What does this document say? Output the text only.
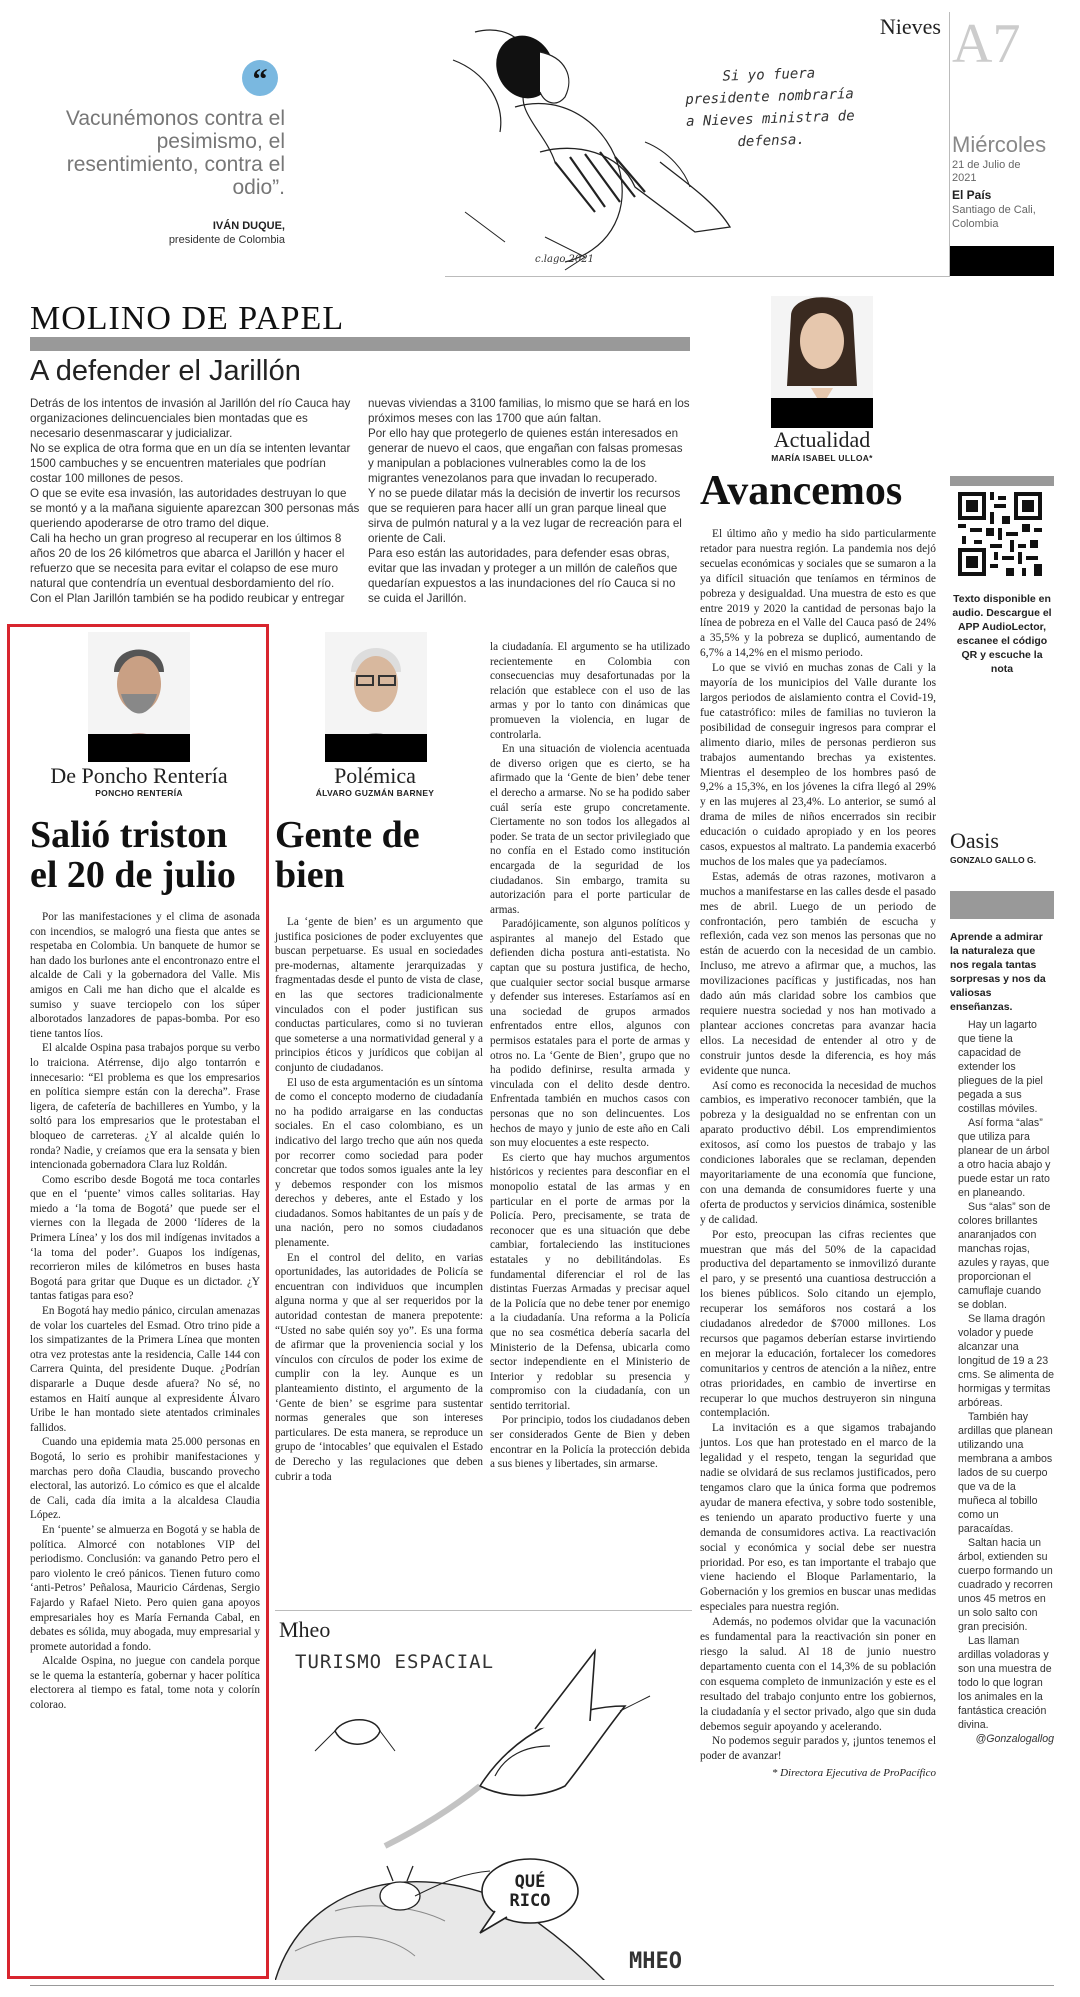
“
Vacunémonos contra el pesimismo, el resentimiento, contra el odio”.
IVÁN DUQUE,
presidente de Colombia
Nieves
Si yo fuera presidente nombraría a Nieves ministra de defensa.
c.lago 2021
A7
Miércoles
21 de Julio de 2021
El País
Santiago de Cali, Colombia
MOLINO DE PAPEL
A defender el Jarillón
Detrás de los intentos de invasión al Jarillón del río Cauca hay organizaciones delincuenciales bien montadas que es necesario desenmascarar y judicializar.
No se explica de otra forma que en un día se intenten levantar 1500 cambuches y se encuentren materiales que podrían costar 100 millones de pesos.
O que se evite esa invasión, las autoridades destruyan lo que se montó y a la mañana siguiente aparezcan 300 personas más queriendo apoderarse de otro tramo del dique.
Cali ha hecho un gran progreso al recuperar en los últimos 8 años 20 de los 26 kilómetros que abarca el Jarillón y hacer el refuerzo que se necesita para evitar el colapso de ese muro natural que contendría un eventual desbordamiento del río.
Con el Plan Jarillón también se ha podido reubicar y entregar
nuevas viviendas a 3100 familias, lo mismo que se hará en los próximos meses con las 1700 que aún faltan.
Por ello hay que protegerlo de quienes están interesados en generar de nuevo el caos, que engañan con falsas promesas y manipulan a poblaciones vulnerables como la de los migrantes venezolanos para que invadan lo recuperado.
Y no se puede dilatar más la decisión de invertir los recursos que se requieren para hacer allí un gran parque lineal que sirva de pulmón natural y a la vez lugar de recreación para el oriente de Cali.
Para eso están las autoridades, para defender esas obras, evitar que las invadan y proteger a un millón de caleños que quedarían expuestos a las inundaciones del río Cauca si no se cuida el Jarillón.
Actualidad
MARÍA ISABEL ULLOA*
Avancemos

El último año y medio ha sido particularmente retador para nuestra región. La pandemia nos dejó secuelas económicas y sociales que se sumaron a la ya difícil situación que teníamos en términos de pobreza y desigualdad. Una muestra de esto es que entre 2019 y 2020 la cantidad de personas bajo la línea de pobreza en el Valle del Cauca pasó de 24% a 35,5% y la pobreza se duplicó, aumentando de 6,7% a 14,2% en el mismo periodo.

Lo que se vivió en muchas zonas de Cali y la mayoría de los municipios del Valle durante los largos periodos de aislamiento contra el Covid-19, fue catastrófico: miles de familias no tuvieron la posibilidad de conseguir ingresos para comprar el alimento diario, miles de personas perdieron sus trabajos aumentando brechas ya existentes. Mientras el desempleo de los hombres pasó de 9,2% a 15,3%, en los jóvenes la cifra llegó al 29% y en las mujeres al 23,4%. Lo anterior, se sumó al drama de miles de niños encerrados sin recibir educación o cuidado apropiado y en los peores casos, expuestos al maltrato. La pandemia exacerbó muchos de los males que ya padecíamos.

Estas, además de otras razones, motivaron a muchos a manifestarse en las calles desde el pasado mes de abril. Luego de un periodo de confrontación, pero también de escucha y reflexión, cada vez son menos las personas que no están de acuerdo con la necesidad de un cambio. Incluso, me atrevo a afirmar que, a muchos, las movilizaciones pacíficas y justificadas, nos han dado aún más claridad sobre los cambios que requiere nuestra sociedad y nos han motivado a plantear acciones concretas para avanzar hacia ellos. La necesidad de entender al otro y de construir juntos desde la diferencia, es hoy más evidente que nunca.

Así como es reconocida la necesidad de muchos cambios, es imperativo reconocer también, que la pobreza y la desigualdad no se enfrentan con un aparato productivo débil. Los emprendimientos exitosos, así como los puestos de trabajo y las condiciones laborales que se reclaman, dependen mayoritariamente de una economía que funcione, con una demanda de consumidores fuerte y una oferta de productos y servicios dinámica, sostenible y de calidad.

Por esto, preocupan las cifras recientes que muestran que más del 50% de la capacidad productiva del departamento se inmovilizó durante el paro, y se presentó una cuantiosa destrucción a los bienes públicos. Solo citando un ejemplo, recuperar los semáforos nos costará a los ciudadanos alrededor de $7000 millones. Los recursos que pagamos deberían estarse invirtiendo en mejorar la educación, fortalecer los comedores comunitarios y centros de atención a la niñez, entre otras prioridades, en cambio de invertirse en recuperar lo que muchos destruyeron sin ninguna contemplación.

La invitación es a que sigamos trabajando juntos. Los que han protestado en el marco de la legalidad y el respeto, tengan la seguridad que nadie se olvidará de sus reclamos justificados, pero tengamos claro que la única forma que podremos ayudar de manera efectiva, y sobre todo sostenible, es teniendo un aparato productivo fuerte y una demanda de consumidores activa. La reactivación social y económica y social debe ser nuestra prioridad. Por eso, es tan importante el trabajo que viene haciendo el Bloque Parlamentario, la Gobernación y los gremios en buscar unas medidas especiales para nuestra región.

Además, no podemos olvidar que la vacunación es fundamental para la reactivación sin poner en riesgo la salud. Al 18 de junio nuestro departamento cuenta con el 14,3% de su población con esquema completo de inmunización y este es el resultado del trabajo conjunto entre los gobiernos, la ciudadanía y el sector privado, algo que sin duda debemos seguir apoyando y acelerando.

No podemos seguir parados y, ¡juntos tenemos el poder de avanzar!

* Directora Ejecutiva de ProPacífico
Texto disponible en audio. Descargue el APP AudioLector, escanee el código QR y escuche la nota
Oasis
GONZALO GALLO G.
Aprende a admirar la naturaleza que nos regala tantas sorpresas y nos da valiosas enseñanzas.

Hay un lagarto que tiene la capacidad de extender los pliegues de la piel pegada a sus costillas móviles.

Así forma “alas” que utiliza para planear de un árbol a otro hacia abajo y puede estar un rato en planeando.

Sus “alas” son de colores brillantes anaranjados con manchas rojas, azules y rayas, que proporcionan el camuflaje cuando se doblan.

Se llama dragón volador y puede alcanzar una longitud de 19 a 23 cms. Se alimenta de hormigas y termitas arbóreas.

También hay ardillas que planean utilizando una membrana a ambos lados de su cuerpo que va de la muñeca al tobillo como un paracaídas.

Saltan hacia un árbol, extienden su cuerpo formando un cuadrado y recorren unos 45 metros en un solo salto con gran precisión.

Las llaman ardillas voladoras y son una muestra de todo lo que logran los animales en la fantástica creación divina.

@Gonzalogallog
De Poncho Rentería
PONCHO RENTERÍA
Salió triston el 20 de julio

Por las manifestaciones y el clima de asonada con incendios, se malogró una fiesta que antes se respetaba en Colombia. Un banquete de humor se han dado los burlones ante el encontronazo entre el alcalde de Cali y la gobernadora del Valle. Mis amigos en Cali me han dicho que el alcalde es sumiso y suave terciopelo con los súper alborotados lanzadores de papas-bomba. Por eso tiene tantos líos.

El alcalde Ospina pasa trabajos porque su verbo lo traiciona. Atérrense, dijo algo tontarrón e innecesario: “El problema es que los empresarios en política siempre están con la derecha”. Frase ligera, de cafetería de bachilleres en Yumbo, y la soltó para los empresarios que le protestaban el bloqueo de carreteras. ¿Y al alcalde quién lo ronda? Nadie, y creíamos que era la sensata y bien intencionada gobernadora Clara luz Roldán.

Como escribo desde Bogotá me toca contarles que en el ‘puente’ vimos calles solitarias. Hay miedo a ‘la toma de Bogotá’ que puede ser el viernes con la llegada de 2000 ‘líderes de la Primera Línea’ y los dos mil indígenas invitados a ‘la toma del poder’. Guapos los indígenas, recorrieron miles de kilómetros en buses hasta Bogotá para gritar que Duque es un dictador. ¿Y tantas fatigas para eso?

En Bogotá hay medio pánico, circulan amenazas de volar los cuarteles del Esmad. Otro trino pide a los simpatizantes de la Primera Línea que monten otra vez protestas ante la residencia, Calle 144 con Carrera Quinta, del presidente Duque. ¿Podrían dispararle a Duque desde afuera? No sé, no estamos en Haití aunque al expresidente Álvaro Uribe le han montado siete atentados criminales fallidos.

Cuando una epidemia mata 25.000 personas en Bogotá, lo serio es prohibir manifestaciones y marchas pero doña Claudia, buscando provecho electoral, las autorizó. Lo cómico es que el alcalde de Cali, cada día imita a la alcaldesa Claudia López.

En ‘puente’ se almuerza en Bogotá y se habla de política. Almorcé con notablones VIP del periodismo. Conclusión: va ganando Petro pero el paro violento le creó pánicos. Tienen futuro como ‘anti-Petros’ Peñalosa, Mauricio Cárdenas, Sergio Fajardo y Rafael Nieto. Pero quien gana apoyos empresariales hoy es María Fernanda Cabal, en debates es sólida, muy abogada, muy empresarial y promete autoridad a fondo.

Alcalde Ospina, no juegue con candela porque se le quema la estantería, gobernar y hacer política electorera al tiempo es fatal, tome nota y colorín colorao.

Polémica
ÁLVARO GUZMÁN BARNEY
Gente de bien

La ‘gente de bien’ es un argumento que justifica posiciones de poder excluyentes que buscan perpetuarse. Es usual en sociedades pre-modernas, altamente jerarquizadas y fragmentadas desde el punto de vista de clase, en las que sectores tradicionalmente vinculados con el poder justifican sus conductas particulares, como si no tuvieran que someterse a una normatividad general y a principios éticos y jurídicos que cobijan al conjunto de ciudadanos.

El uso de esta argumentación es un síntoma de como el concepto moderno de ciudadanía no ha podido arraigarse en las conductas sociales. En el caso colombiano, es un indicativo del largo trecho que aún nos queda por recorrer como sociedad para poder concretar que todos somos iguales ante la ley y debemos responder con los mismos derechos y deberes, ante el Estado y los ciudadanos. Somos habitantes de un país y de una nación, pero no somos ciudadanos plenamente.

En el control del delito, en varias oportunidades, las autoridades de Policía se encuentran con individuos que incumplen alguna norma y que al ser requeridos por la autoridad contestan de manera prepotente: “Usted no sabe quién soy yo”. Es una forma de afirmar que la proveniencia social y los vínculos con círculos de poder los exime de cumplir con la ley. Aunque es un planteamiento distinto, el argumento de la ‘Gente de bien’ se esgrime para sustentar normas generales que son intereses particulares. De esta manera, se reproduce un grupo de ‘intocables’ que equivalen el Estado de Derecho y las regulaciones que deben cubrir a toda

la ciudadanía. El argumento se ha utilizado recientemente en Colombia con consecuencias muy desafortunadas por la relación que establece con el uso de las armas y por lo tanto con dinámicas que promueven la violencia, en lugar de controlarla.

En una situación de violencia acentuada de diverso origen que es cierto, se ha afirmado que la ‘Gente de bien’ debe tener el derecho a armarse. No se ha podido saber cuál sería este grupo concretamente. Ciertamente no son todos los allegados al poder. Se trata de un sector privilegiado que no confía en el Estado como institución encargada de la seguridad de los ciudadanos. Sin embargo, tramita su autorización para el porte particular de armas.

Paradójicamente, son algunos políticos y aspirantes al manejo del Estado que defienden dicha postura anti-estatista. No captan que su postura justifica, de hecho, que cualquier sector social busque armarse y defender sus intereses. Estaríamos así en una sociedad de grupos armados enfrentados entre ellos, algunos con permisos estatales para el porte de armas y otros no. La ‘Gente de Bien’, grupo que no ha podido definirse, resulta armada y vinculada con el delito desde dentro. Enfrentada también en muchos casos con personas que no son delincuentes. Los hechos de mayo y junio de este año en Cali son muy elocuentes a este respecto.

Es cierto que hay muchos argumentos históricos y recientes para desconfiar en el monopolio estatal de las armas y en particular en el porte de armas por la Policía. Pero, precisamente, se trata de reconocer que es una situación que debe cambiar, fortaleciendo las instituciones estatales y no debilitándolas. Es fundamental diferenciar el rol de las distintas Fuerzas Armadas y precisar aquel de la Policía que no debe tener por enemigo a la ciudadanía. Una reforma a la Policía que no sea cosmética debería sacarla del Ministerio de la Defensa, ubicarla como sector independiente en el Ministerio de Interior y redoblar su presencia y compromiso con la ciudadanía, con un sentido territorial.

Por principio, todos los ciudadanos deben ser considerados Gente de Bien y deben encontrar en la Policía la protección debida a sus bienes y libertades, sin armarse.

Mheo
TURISMO ESPACIAL
QUÉ RICO
MHEO
